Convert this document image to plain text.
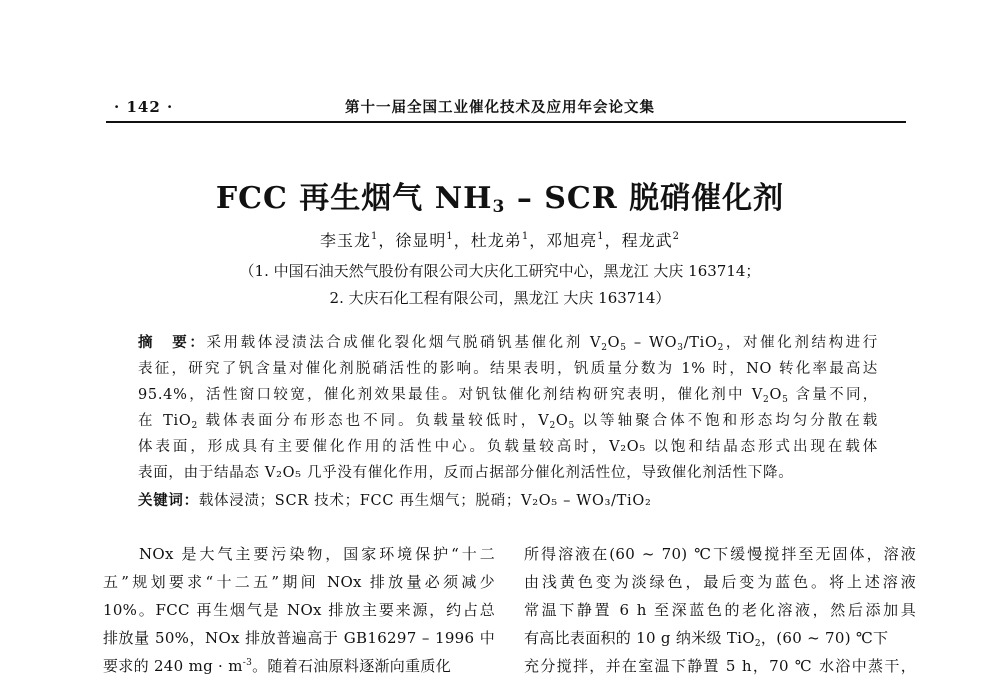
· 142 ·	第十一届全国工业催化技术及应用年会论文集
FCC 再生烟气 $NH_3$ – SCR 脱硝催化剂
李玉龙$^1$，徐显明$^1$，杜龙弟$^1$，邓旭亮$^1$，程龙武$^2$
（1. 中国石油天然气股份有限公司大庆化工研究中心，黑龙江 大庆 163714；
2. 大庆石化工程有限公司，黑龙江 大庆 163714）
摘　要：采用载体浸渍法合成催化裂化烟气脱硝钒基催化剂 $V_2O_5 - WO_3/TiO_2$，对催化剂结构进行
表征，研究了钒含量对催化剂脱硝活性的影响。结果表明，钒质量分数为 1% 时，NO 转化率最高达
95.4%，活性窗口较宽，催化剂效果最佳。对钒钛催化剂结构研究表明，催化剂中 $V_2O_5$ 含量不同，
在 TiO$_2$ 载体表面分布形态也不同。负载量较低时，$V_2O_5$ 以等轴聚合体不饱和形态均匀分散在载
体表面，形成具有主要催化作用的活性中心。负载量较高时，V₂O₅ 以饱和结晶态形式出现在载体
表面，由于结晶态 V₂O₅ 几乎没有催化作用，反而占据部分催化剂活性位，导致催化剂活性下降。
关键词：载体浸渍；SCR 技术；FCC 再生烟气；脱硝；V₂O₅ – WO₃/TiO₂
NOx 是大气主要污染物，国家环境保护“十二
五”规划要求“十二五”期间 NOx 排放量必须减少
10%。FCC 再生烟气是 NOx 排放主要来源，约占总
排放量 50%，NOx 排放普遍高于 GB16297 – 1996 中
要求的 240 mg · $m^{-3}$。随着石油原料逐渐向重质化
所得溶液在(60 ~ 70) ℃下缓慢搅拌至无固体，溶液
由浅黄色变为淡绿色，最后变为蓝色。将上述溶液
常温下静置 6 h 至深蓝色的老化溶液，然后添加具
有高比表面积的 10 g 纳米级 TiO$_2$，(60 ~ 70) ℃下
充分搅拌，并在室温下静置 5 h，70 ℃ 水浴中蒸干，
